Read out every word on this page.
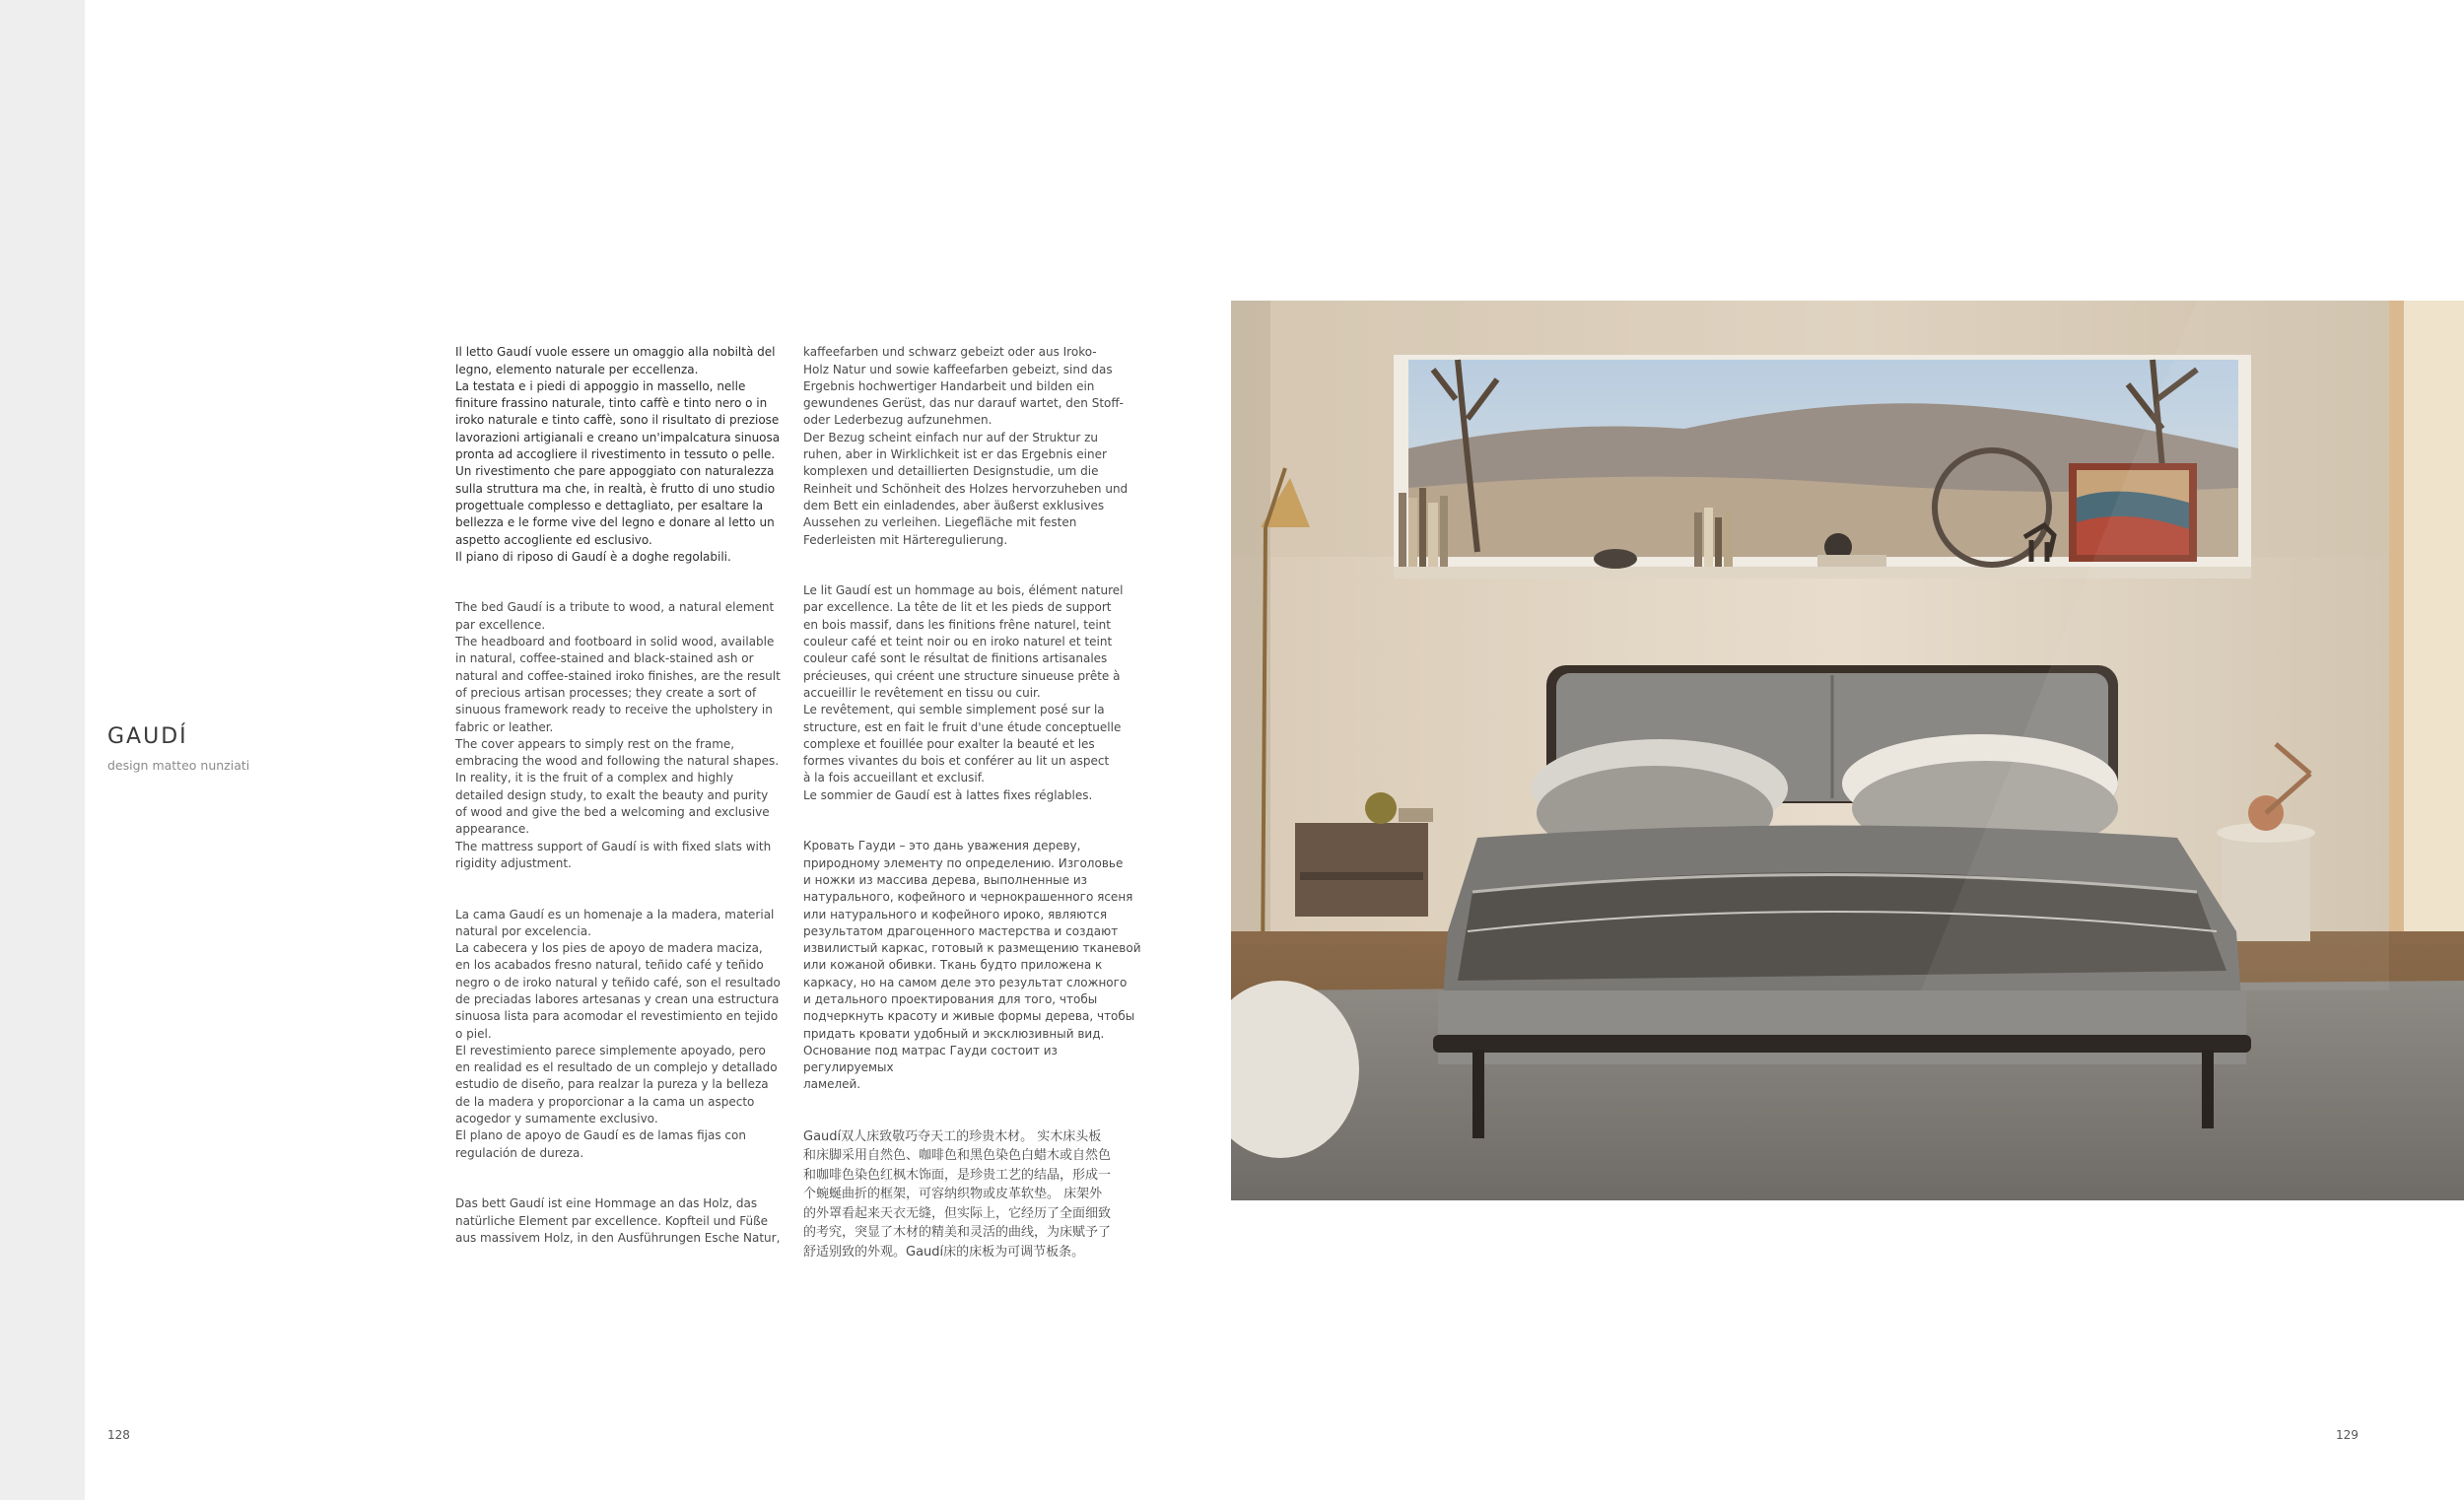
GAUDÍ
design matteo nunziati

Il letto Gaudí vuole essere un omaggio alla nobiltà del
legno, elemento naturale per eccellenza.
La testata e i piedi di appoggio in massello, nelle
finiture frassino naturale, tinto caffè e tinto nero o in
iroko naturale e tinto caffè, sono il risultato di preziose
lavorazioni artigianali e creano un'impalcatura sinuosa
pronta ad accogliere il rivestimento in tessuto o pelle.
Un rivestimento che pare appoggiato con naturalezza
sulla struttura ma che, in realtà, è frutto di uno studio
progettuale complesso e dettagliato, per esaltare la
bellezza e le forme vive del legno e donare al letto un
aspetto accogliente ed esclusivo.
Il piano di riposo di Gaudí è a doghe regolabili.

The bed Gaudí is a tribute to wood, a natural element
par excellence.
The headboard and footboard in solid wood, available
in natural, coffee-stained and black-stained ash or
natural and coffee-stained iroko finishes, are the result
of precious artisan processes; they create a sort of
sinuous framework ready to receive the upholstery in
fabric or leather.
The cover appears to simply rest on the frame,
embracing the wood and following the natural shapes.
In reality, it is the fruit of a complex and highly
detailed design study, to exalt the beauty and purity
of wood and give the bed a welcoming and exclusive
appearance.
The mattress support of Gaudí is with fixed slats with
rigidity adjustment.

La cama Gaudí es un homenaje a la madera, material
natural por excelencia.
La cabecera y los pies de apoyo de madera maciza,
en los acabados fresno natural, teñido café y teñido
negro o de iroko natural y teñido café, son el resultado
de preciadas labores artesanas y crean una estructura
sinuosa lista para acomodar el revestimiento en tejido
o piel.
El revestimiento parece simplemente apoyado, pero
en realidad es el resultado de un complejo y detallado
estudio de diseño, para realzar la pureza y la belleza
de la madera y proporcionar a la cama un aspecto
acogedor y sumamente exclusivo.
El plano de apoyo de Gaudí es de lamas fijas con
regulación de dureza.

Das bett Gaudí ist eine Hommage an das Holz, das
natürliche Element par excellence. Kopfteil und Füße
aus massivem Holz, in den Ausführungen Esche Natur,

kaffeefarben und schwarz gebeizt oder aus Iroko-
Holz Natur und sowie kaffeefarben gebeizt, sind das
Ergebnis hochwertiger Handarbeit und bilden ein
gewundenes Gerüst, das nur darauf wartet, den Stoff-
oder Lederbezug aufzunehmen.
Der Bezug scheint einfach nur auf der Struktur zu
ruhen, aber in Wirklichkeit ist er das Ergebnis einer
komplexen und detaillierten Designstudie, um die
Reinheit und Schönheit des Holzes hervorzuheben und
dem Bett ein einladendes, aber äußerst exklusives
Aussehen zu verleihen. Liegefläche mit festen
Federleisten mit Härteregulierung.

Le lit Gaudí est un hommage au bois, élément naturel
par excellence. La tête de lit et les pieds de support
en bois massif, dans les finitions frêne naturel, teint
couleur café et teint noir ou en iroko naturel et teint
couleur café sont le résultat de finitions artisanales
précieuses, qui créent une structure sinueuse prête à
accueillir le revêtement en tissu ou cuir.
Le revêtement, qui semble simplement posé sur la
structure, est en fait le fruit d'une étude conceptuelle
complexe et fouillée pour exalter la beauté et les
formes vivantes du bois et conférer au lit un aspect
à la fois accueillant et exclusif.
Le sommier de Gaudí est à lattes fixes réglables.

Кровать Гауди – это дань уважения дереву,
природному элементу по определению. Изголовье
и ножки из массива дерева, выполненные из
натурального, кофейного и чернокрашенного ясеня
или натурального и кофейного ироко, являются
результатом драгоценного мастерства и создают
извилистый каркас, готовый к размещению тканевой
или кожаной обивки. Ткань будто приложена к
каркасу, но на самом деле это результат сложного
и детального проектирования для того, чтобы
подчеркнуть красоту и живые формы дерева, чтобы
придать кровати удобный и эксклюзивный вид.
Основание под матрас Гауди состоит из регулируемых
ламелей.

Gaudí双人床致敬巧夺天工的珍贵木材。 实木床头板
和床脚采用自然色、咖啡色和黑色染色白蜡木或自然色
和咖啡色染色红枫木饰面，是珍贵工艺的结晶，形成一
个蜿蜒曲折的框架，可容纳织物或皮革软垫。 床架外
的外罩看起来天衣无缝，但实际上，它经历了全面细致
的考究，突显了木材的精美和灵活的曲线，为床赋予了
舒适别致的外观。Gaudí床的床板为可调节板条。

128	129
